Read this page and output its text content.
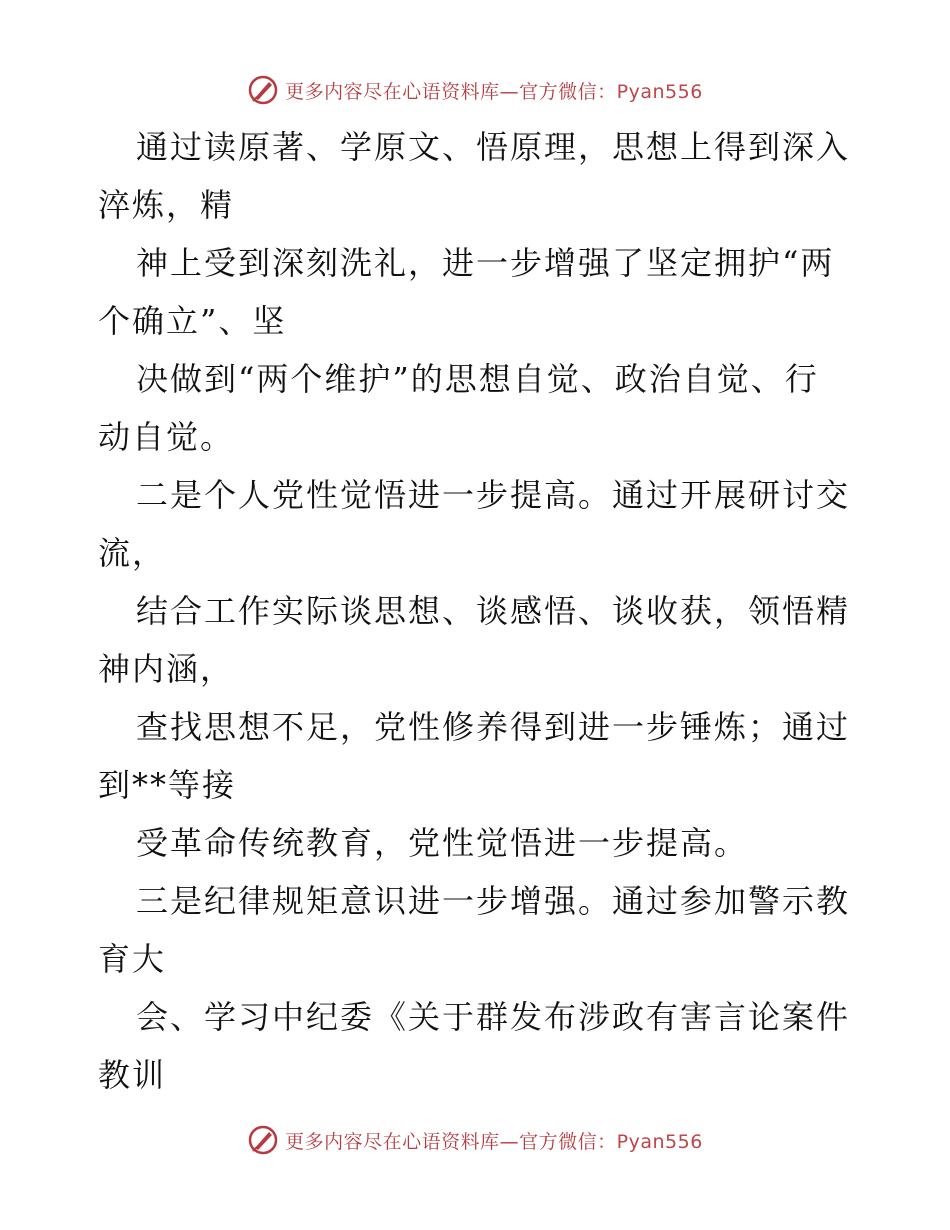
更多内容尽在心语资料库—官方微信：Pyan556
通过读原著、学原文、悟原理，思想上得到深入
淬炼，精
神上受到深刻洗礼，进一步增强了坚定拥护“两
个确立”、坚
决做到“两个维护”的思想自觉、政治自觉、行
动自觉。
二是个人党性觉悟进一步提高。通过开展研讨交
流，
结合工作实际谈思想、谈感悟、谈收获，领悟精
神内涵，
查找思想不足，党性修养得到进一步锤炼；通过
到**等接
受革命传统教育，党性觉悟进一步提高。
三是纪律规矩意识进一步增强。通过参加警示教
育大
会、学习中纪委《关于群发布涉政有害言论案件
教训
更多内容尽在心语资料库—官方微信：Pyan556
